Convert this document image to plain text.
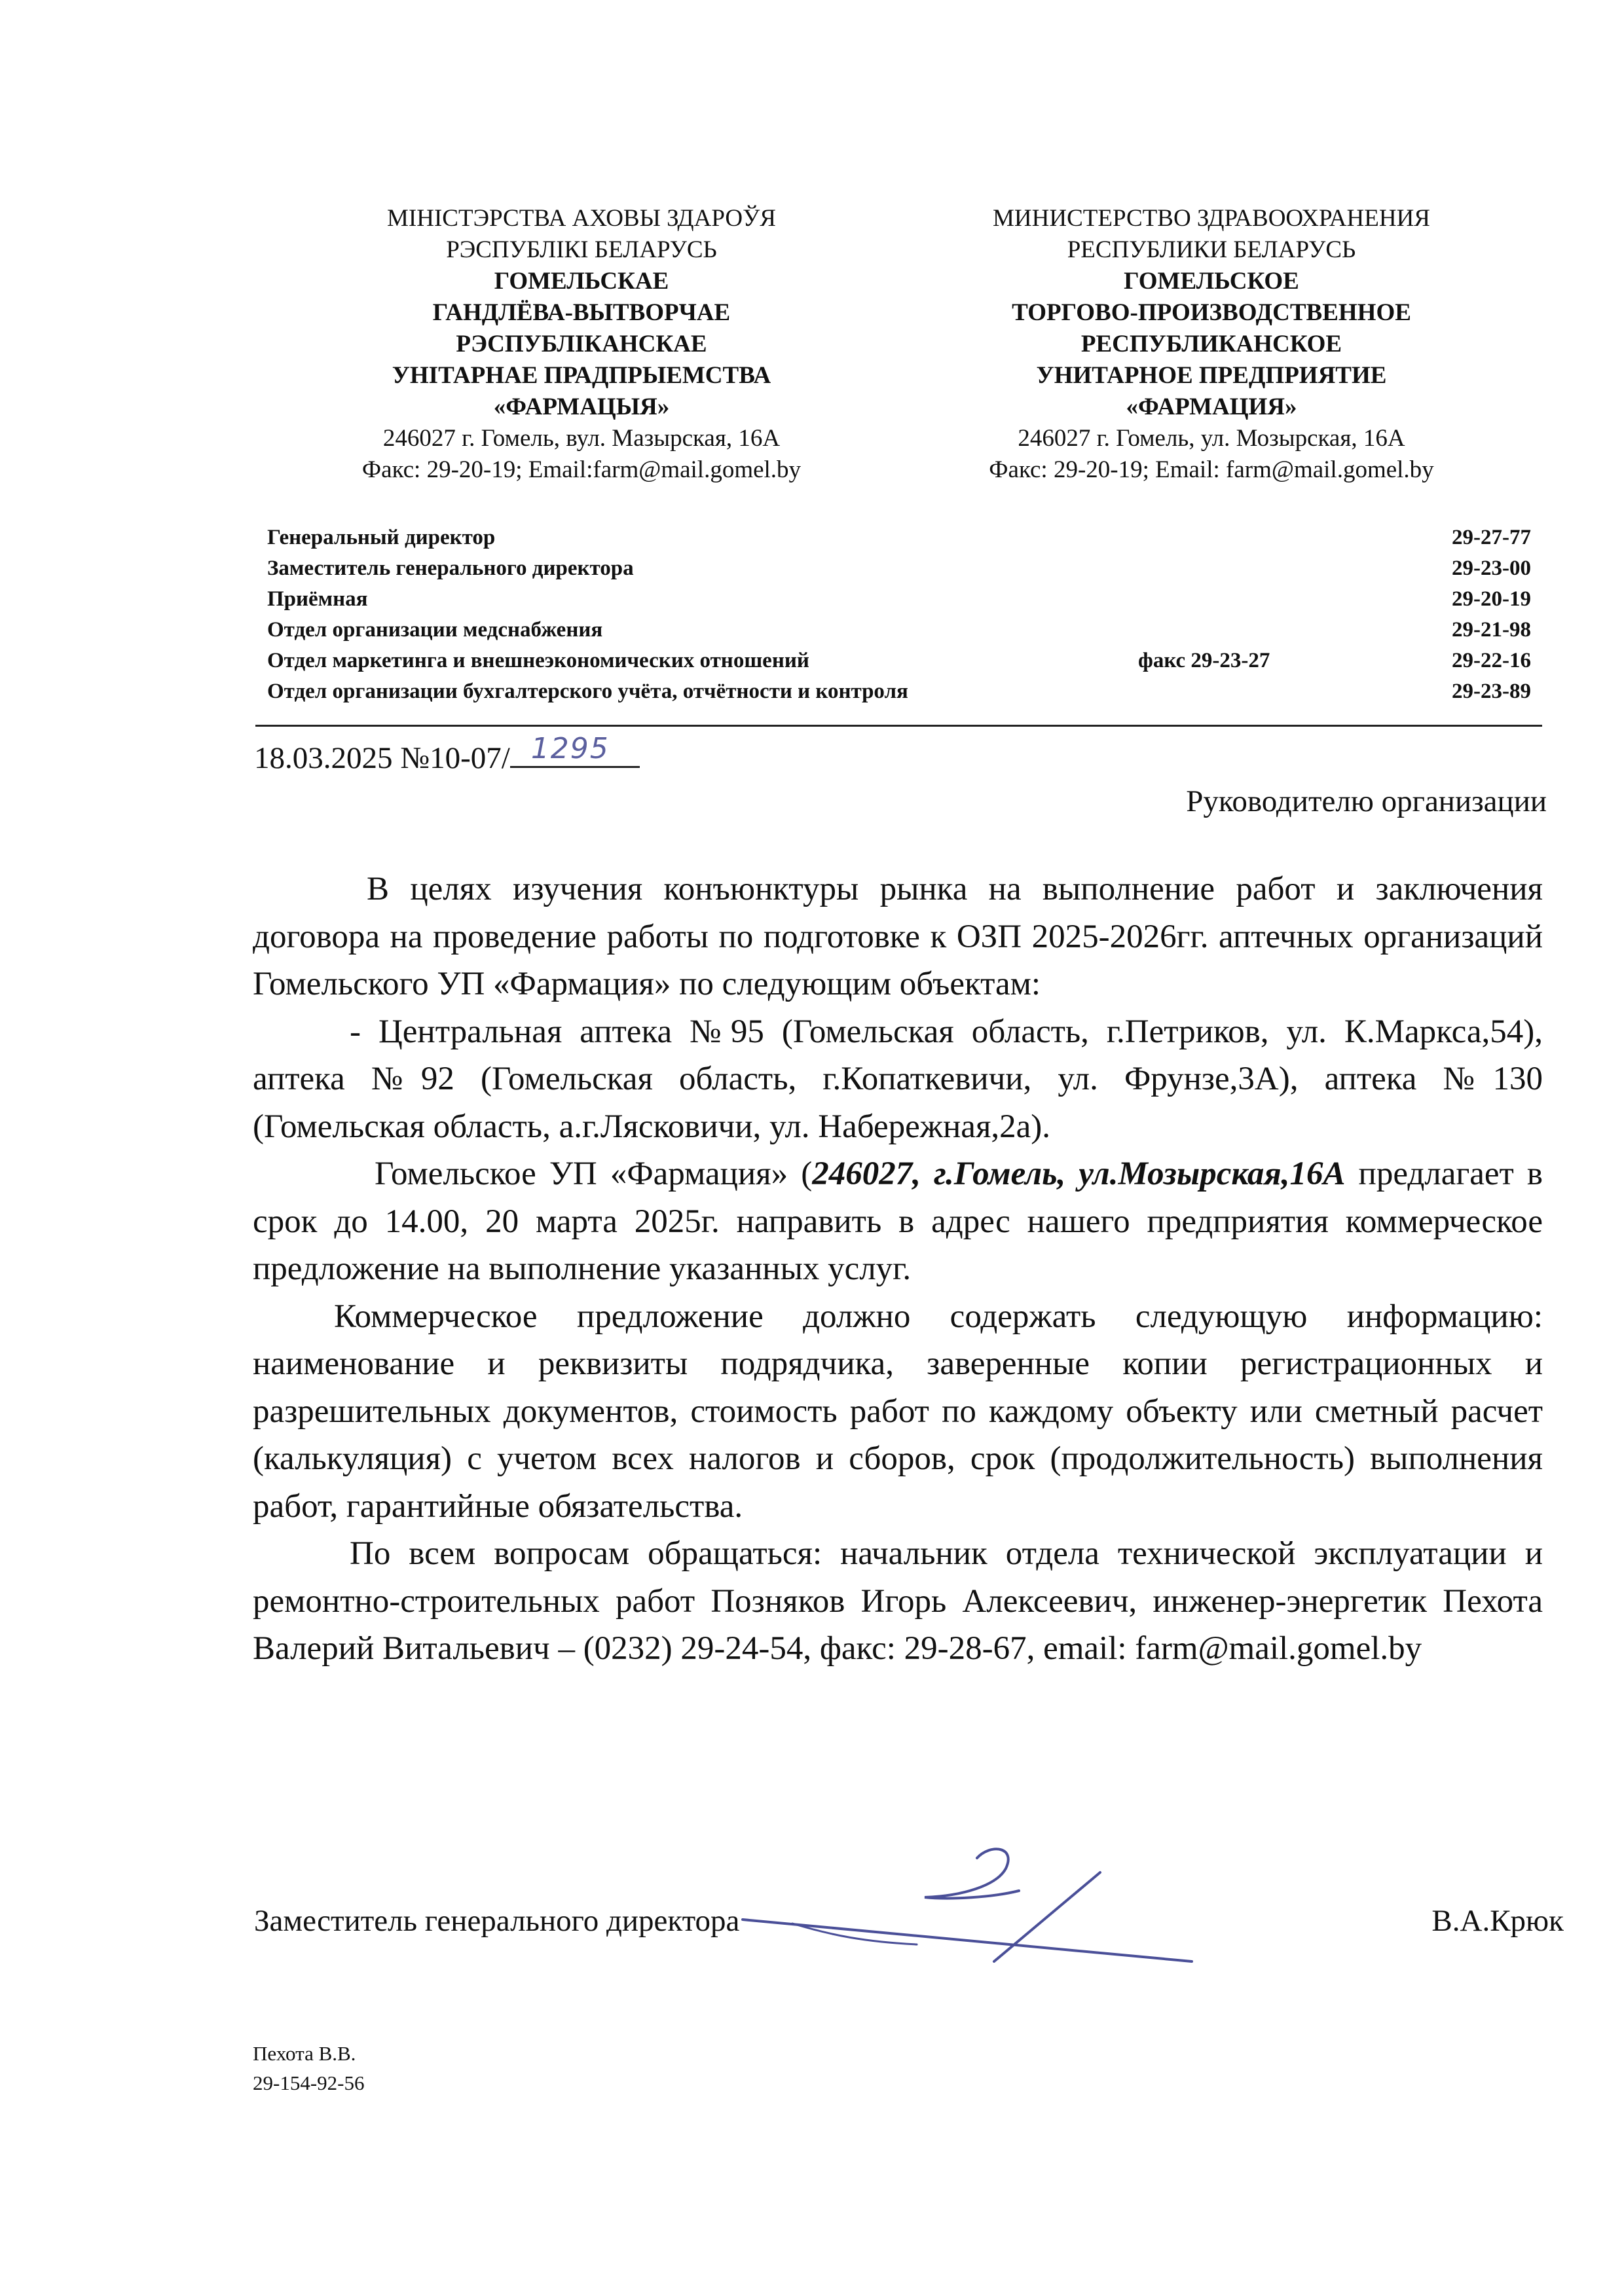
МІНІСТЭРСТВА АХОВЫ ЗДАРОЎЯ
РЭСПУБЛІКІ БЕЛАРУСЬ
ГОМЕЛЬСКАЕ
ГАНДЛЁВА-ВЫТВОРЧАЕ
РЭСПУБЛІКАНСКАЕ
УНІТАРНАЕ ПРАДПРЫЕМСТВА
«ФАРМАЦЫЯ»
246027 г. Гомель, вул. Мазырская, 16А
Факс: 29-20-19; Email:farm@mail.gomel.by
МИНИСТЕРСТВО ЗДРАВООХРАНЕНИЯ
РЕСПУБЛИКИ БЕЛАРУСЬ
ГОМЕЛЬСКОЕ
ТОРГОВО-ПРОИЗВОДСТВЕННОЕ
РЕСПУБЛИКАНСКОЕ
УНИТАРНОЕ ПРЕДПРИЯТИЕ
«ФАРМАЦИЯ»
246027 г. Гомель, ул. Мозырская, 16А
Факс: 29-20-19; Email: farm@mail.gomel.by
Генеральный директор	29-27-77
Заместитель генерального директора	29-23-00
Приёмная	29-20-19
Отдел организации медснабжения	29-21-98
Отдел маркетинга и внешнеэкономических отношений	факс 29-23-27	29-22-16
Отдел организации бухгалтерского учёта, отчётности и контроля	29-23-89
18.03.2025 №10-07/ 1295
Руководителю организации

В целях изучения конъюнктуры рынка на выполнение работ и заключения договора на проведение работы по подготовке к ОЗП 2025-2026гг. аптечных организаций Гомельского УП «Фармация» по следующим объектам:

- Центральная аптека №95 (Гомельская область, г.Петриков, ул. К.Маркса,54), аптека №92 (Гомельская область, г.Копаткевичи, ул. Фрунзе,3А), аптека №130 (Гомельская область, а.г.Лясковичи, ул. Набережная,2а).

Гомельское УП «Фармация» (246027, г.Гомель, ул.Мозырская,16А предлагает в срок до 14.00, 20 марта 2025г. направить в адрес нашего предприятия коммерческое предложение на выполнение указанных услуг.

Коммерческое предложение должно содержать следующую информацию: наименование и реквизиты подрядчика, заверенные копии регистрационных и разрешительных документов, стоимость работ по каждому объекту или сметный расчет (калькуляция) с учетом всех налогов и сборов, срок (продолжительность) выполнения работ, гарантийные обязательства.

По всем вопросам обращаться: начальник отдела технической эксплуатации и ремонтно-строительных работ Позняков Игорь Алексеевич, инженер-энергетик Пехота Валерий Витальевич – (0232) 29-24-54, факс: 29-28-67, email: farm@mail.gomel.by

Заместитель генерального директора	В.А.Крюк
Пехота В.В.
29-154-92-56
